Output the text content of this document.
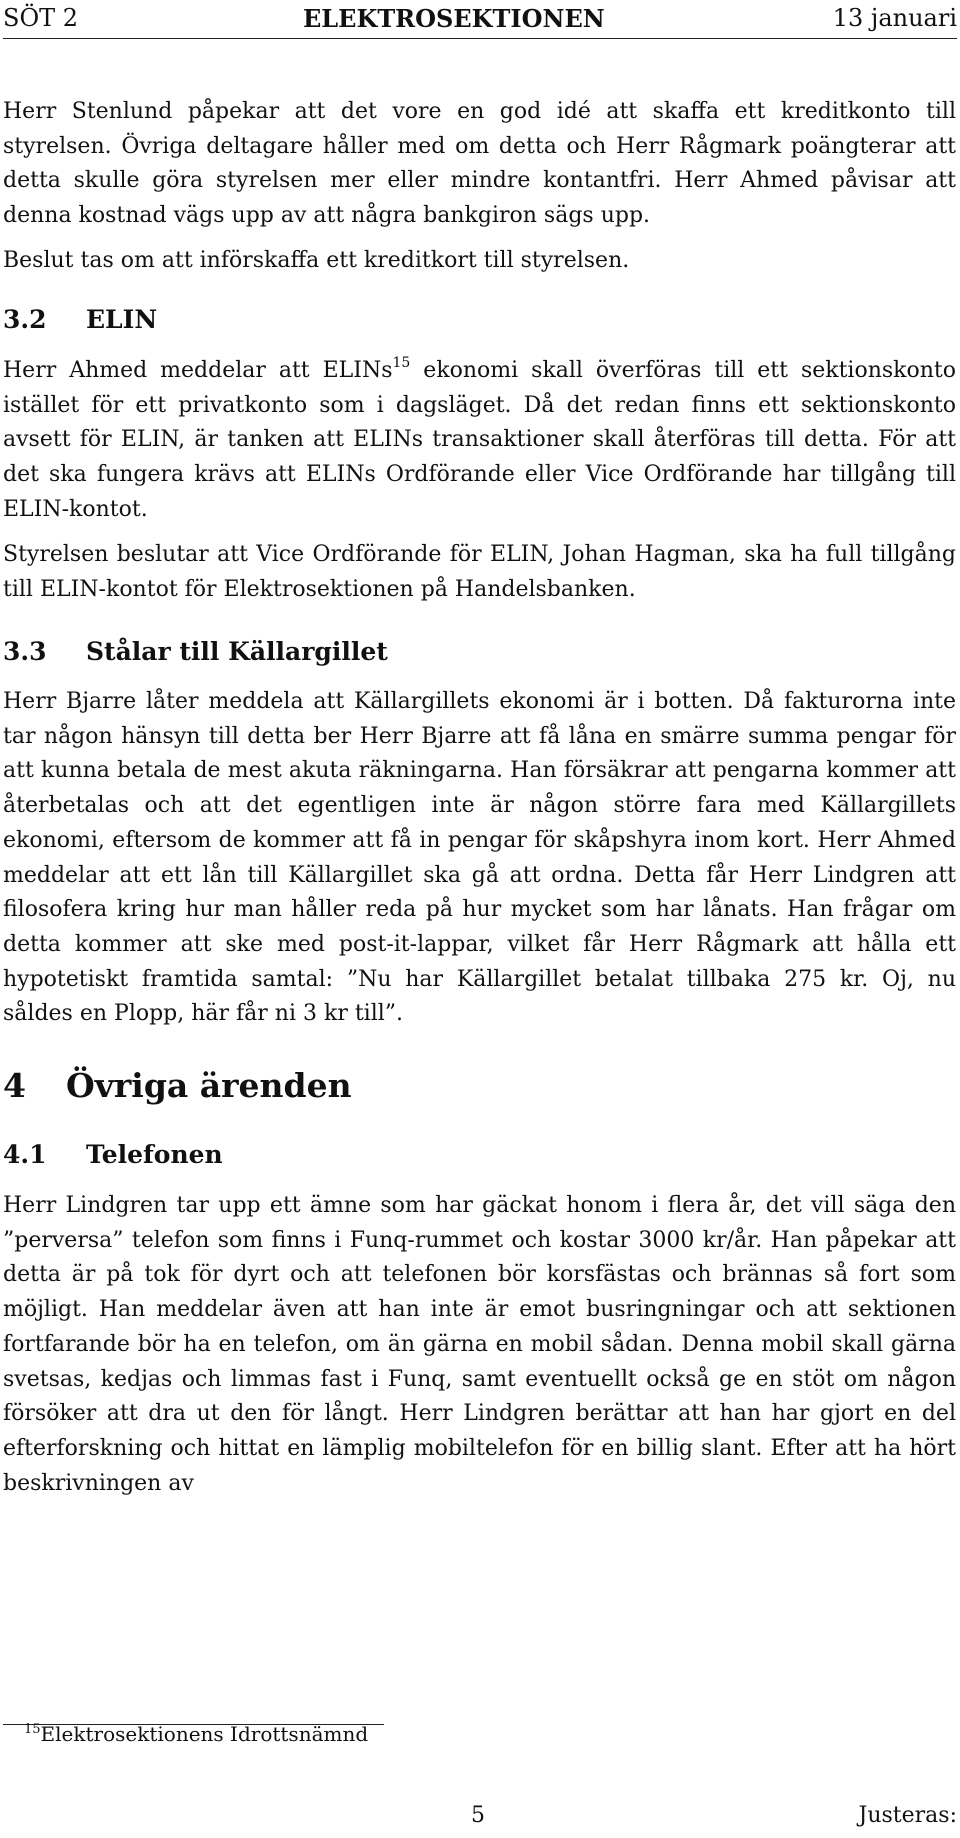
SÖT 2	ELEKTROSEKTIONEN	13 januari

Herr Stenlund påpekar att det vore en god idé att skaffa ett kreditkonto till styrelsen. Övriga deltagare håller med om detta och Herr Rågmark poängterar att detta skulle göra styrelsen mer eller mindre kontantfri. Herr Ahmed påvisar att denna kostnad vägs upp av att några bankgiron sägs upp.

Beslut tas om att införskaffa ett kreditkort till styrelsen.

3.2 ELIN

Herr Ahmed meddelar att ELINs$^{15}$ ekonomi skall överföras till ett sektionskonto istället för ett privatkonto som i dagsläget. Då det redan finns ett sektionskonto avsett för ELIN, är tanken att ELINs transaktioner skall återföras till detta. För att det ska fungera krävs att ELINs Ordförande eller Vice Ordförande har tillgång till ELIN-kontot.

Styrelsen beslutar att Vice Ordförande för ELIN, Johan Hagman, ska ha full tillgång till ELIN-kontot för Elektrosektionen på Handelsbanken.

3.3 Stålar till Källargillet

Herr Bjarre låter meddela att Källargillets ekonomi är i botten. Då fakturorna inte tar någon hänsyn till detta ber Herr Bjarre att få låna en smärre summa pengar för att kunna betala de mest akuta räkningarna. Han försäkrar att pengarna kommer att återbetalas och att det egentligen inte är någon större fara med Källargillets ekonomi, eftersom de kommer att få in pengar för skåpshyra inom kort. Herr Ahmed meddelar att ett lån till Källargillet ska gå att ordna. Detta får Herr Lindgren att filosofera kring hur man håller reda på hur mycket som har lånats. Han frågar om detta kommer att ske med post-it-lappar, vilket får Herr Rågmark att hålla ett hypotetiskt framtida samtal: ”Nu har Källargillet betalat tillbaka 275 kr. Oj, nu såldes en Plopp, här får ni 3 kr till”.

4 Övriga ärenden
4.1 Telefonen

Herr Lindgren tar upp ett ämne som har gäckat honom i flera år, det vill säga den ”perversa” telefon som finns i Funq-rummet och kostar 3000 kr/år. Han påpekar att detta är på tok för dyrt och att telefonen bör korsfästas och brännas så fort som möjligt. Han meddelar även att han inte är emot busringningar och att sektionen fortfarande bör ha en telefon, om än gärna en mobil sådan. Denna mobil skall gärna svetsas, kedjas och limmas fast i Funq, samt eventuellt också ge en stöt om någon försöker att dra ut den för långt. Herr Lindgren berättar att han har gjort en del efterforskning och hittat en lämplig mobiltelefon för en billig slant. Efter att ha hört beskrivningen av

$^{15}$Elektrosektionens Idrottsnämnd

5	Justeras:
